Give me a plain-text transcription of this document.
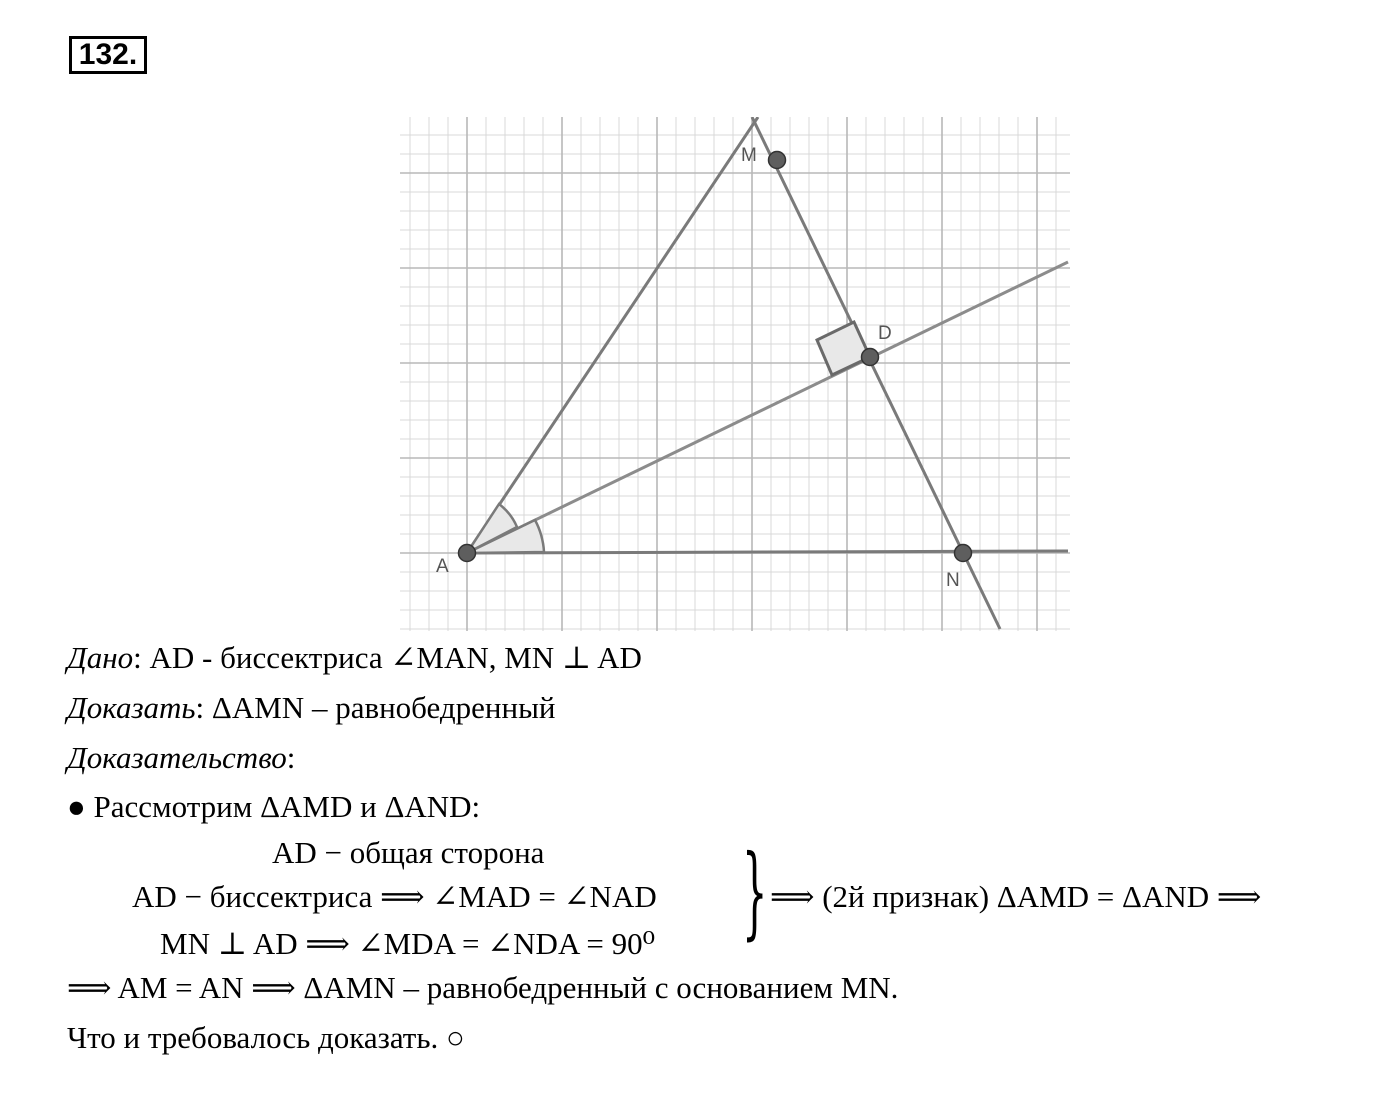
132.
M
D
A
N
Дано: AD - биссектриса ∠MAN, MN ⊥ AD
Доказать: ΔAMN – равнобедренный
Доказательство:
● Рассмотрим ΔAMD и ΔAND:
AD − общая сторона
AD − биссектриса ⟹ ∠MAD = ∠NAD
MN ⊥ AD ⟹ ∠MDA = ∠NDA = 90⁰ } ⟹ (2й признак) ΔAMD = ΔAND ⟹
⟹ AM = AN ⟹ ΔAMN – равнобедренный с основанием MN.
Что и требовалось доказать. ○
